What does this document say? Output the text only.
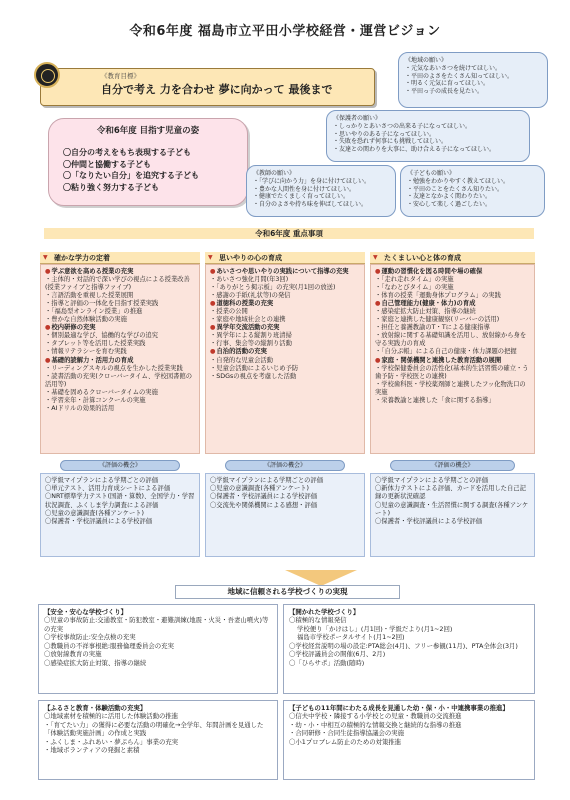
令和6年度 福島市立平田小学校経営・運営ビジョン
《教育目標》
自分で考え 力を合わせ 夢に向かって 最後まで
令和6年度 目指す児童の姿
〇自分の考えをもち表現する子ども
〇仲間と協働する子ども
〇「なりたい自分」を追究する子ども
〇粘り強く努力する子ども
《地域の願い》
・元気なあいさつを続けてほしい。
・平田のよさをたくさん知ってほしい。
・明るく元気に育ってほしい。
・平田っ子の成長を見たい。
《保護者の願い》
・しっかりとあいさつの出来る子になってほしい。
・思いやりのある子になってほしい。
・失敗を恐れず何事にも挑戦してほしい。
・友達との関わりを大事に、助け合える子になってほしい。
《教師の願い》
・「学びに向かう力」を身に付けてほしい。
・豊かな人間性を身に付けてほしい。
・健康でたくましく育ってほしい。
・自分のよさや持ち味を伸ばしてほしい。
《子どもの願い》
・勉強をわかりやすく教えてほしい。
・平田のことをたくさん知りたい。
・友達となかよく関わりたい。
・安心して楽しく過ごしたい。
令和6年度 重点事項
▼ 確かな学力の定着
● 学ぶ意欲を高める授業の充実
・主体的・対話的で深い学びの視点による授業改善(授業ファイブと指導ファイブ)
・言語活動を重視した授業展開
・指導と評価の一体化を目指す授業実践
・「福島型オンライン授業」の推進
・豊かな自然体験活動の実施
● 校内研修の充実
・個別最適な学び、協働的な学びの追究
・タブレット等を活用した授業実践
・情報リテラシーを育む実践
● 基礎的読解力・活用力の育成
・リーディングスキルの視点を生かした授業実践
・読書活動の充実(クローバータイム、学校図書館の活用等)
・基礎を固めるクローバータイムの実施
・学習来年・計算コンクールの実施
・AIドリルの効果的活用
《評価の機会》
〇学級マイプランによる学期ごとの評価
〇単元テスト、活用力育成シートによる評価
〇NRT標準学力テスト(国語・算数)、全国学力・学習状況調査、ふくしま学力調査による評価
〇児童の意識調査(各種アンケート)
〇保護者・学校評議員による学校評価
▼ 思いやりの心の育成
● あいさつや思いやりの実践について指導の充実
・あいさつ強化月間(年3回)
・「ありがとう掲示板」の充実(月1回の放送)
・感謝の手紙(礼状等)の発信
● 道徳科の授業の充実
・授業の公開
・家庭や地域社会との連携
● 異学年交流活動の充実
・異学年による縦割り班清掃
・行事、集会等の縦割り活動
● 自治的活動の充実
・自発的な児童会活動
・児童会活動によるいじめ予防
・SDGsの視点を考慮した活動
《評価の機会》
〇学級マイプランによる学期ごとの評価
〇児童の意識調査(各種アンケート)
〇保護者・学校評議員による学校評価
〇交流先や関係機関による感想・評価
▼ たくましい心と体の育成
● 運動の習慣化を図る時間や場の確保
・「走れ走れタイム」の実施
・「なわとびタイム」の実施
・体育の授業「運動身体プログラム」の実践
● 自己管理能力(健康・体力)の育成
・感染症拡大防止対策、指導の継続
・家庭と連携した健康観察(リーバーの活用)
・担任と養護教諭のT・Tによる健康指導
・放射線に関する基礎知識を活用し、放射線から身を守る実践力の育成
・「自分ぷ帳」による自己の健康・体力課題の把握
● 家庭・関係機関と連携した教育活動の展開
・学校保健委員会の活性化(基本的生活習慣の確立・う歯予防・学校医との連携)
・学校歯科医・学校薬剤師と連携したフッ化物洗口の実施
・栄養教諭と連携した「食に関する指導」
《評価の機会》
〇学級マイプランによる学期ごとの評価
〇新体力テストによる評価、カードを活用した自己記録の更新状況確認
〇児童の意識調査・生活習慣に関する調査(各種アンケート)
〇保護者・学校評議員による学校評価
地域に信頼される学校づくりの実現
【安全・安心な学校づくり】
〇児童の事故防止:交通教室・防犯教室・避難訓練(地震・火災・吾妻山噴火)等の充実
〇学校事故防止:安全点検の充実
〇教職員の不祥事根絶:服務倫理委員会の充実
〇放射線教育の実施
〇感染症拡大防止対策、指導の継続
【開かれた学校づくり】
〇積極的な情報発信
学校便り「かけはし」(月1回)・学級だより(月1~2回)
福島市学校ポータルサイト(月1~2回)
〇学校経営説明の場の設定:PTA総会(4月)、フリー参観(11月)、PTA全体会(3月)
〇学校評議員会の開催(6月、2月)
〇「ひらサポ」活動(随時)
【ふるさと教育・体験活動の充実】
〇地域素材を積極的に活用した体験活動の推進
・「育てたい力」の獲得に必要な活動の明確化→全学年、年間計画を見通した「体験活動実施計画」の作成と実践
・ふくしま・ふれあい・夢ぷらん」事業の充実
・地域ボランティアの発掘と素積
【子どもの11年間にわたる成長を見通した幼・保・小・中連携事業の推進】
〇信夫中学校・隣接する小学校との児童・教職員の交流推進
・幼・小・中相互の積極的な情報交換と継続的な指導の推進
・合同研修・合同生徒指導協議会の実施
〇小1プロブレム防止のための対策推進
